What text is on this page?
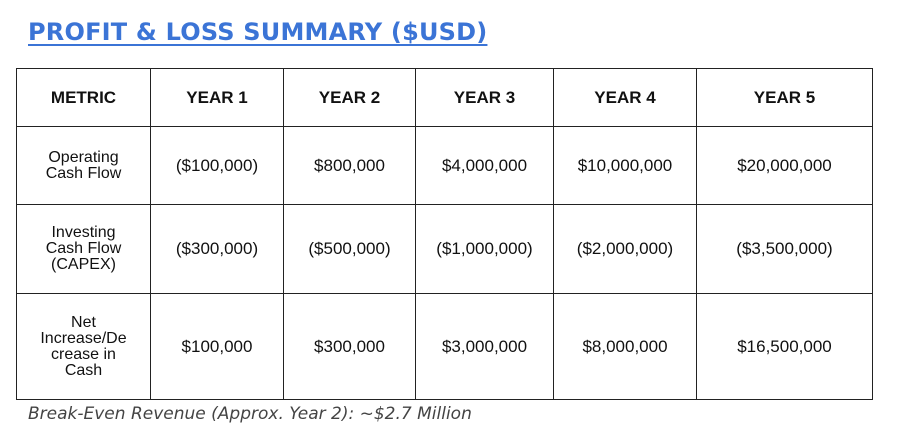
PROFIT & LOSS SUMMARY ($USD)
METRIC	YEAR 1	YEAR 2	YEAR 3	YEAR 4	YEAR 5

Operating
Cash Flow	($100,000)	$800,000	$4,000,000	$10,000,000	$20,000,000

Investing
Cash Flow
(CAPEX)	($300,000)	($500,000)	($1,000,000)	($2,000,000)	($3,500,000)

Net
Increase/De
crease in
Cash	$100,000	$300,000	$3,000,000	$8,000,000	$16,500,000
Break-Even Revenue (Approx. Year 2): ~$2.7 Million
